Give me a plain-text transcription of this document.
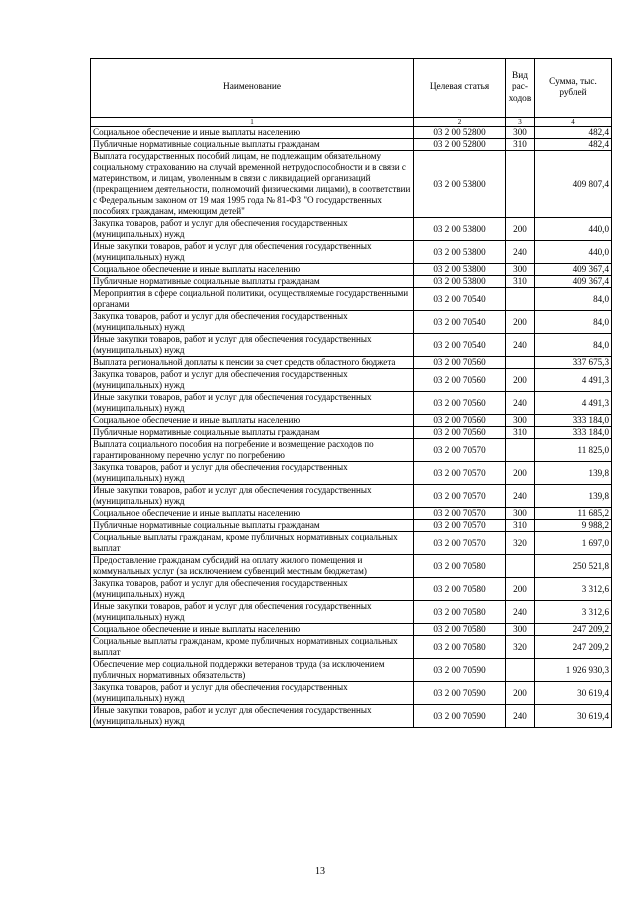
Наименование	Целевая статья	Вид рас-ходов	Сумма, тыс. рублей
1	2	3	4
Социальное обеспечение и иные выплаты населению	03 2 00 52800	300	482,4
Публичные нормативные социальные выплаты гражданам	03 2 00 52800	310	482,4
Выплата государственных пособий лицам, не подлежащим обязательному социальному страхованию на случай временной нетрудоспособности и в связи с материнством, и лицам, уволенным в связи с ликвидацией организаций (прекращением деятельности, полномочий физическими лицами), в соответствии с Федеральным законом от 19 мая 1995 года № 81-ФЗ "О государственных пособиях гражданам, имеющим детей"	03 2 00 53800		409 807,4
Закупка товаров, работ и услуг для обеспечения государственных (муниципальных) нужд	03 2 00 53800	200	440,0
Иные закупки товаров, работ и услуг для обеспечения государственных (муниципальных) нужд	03 2 00 53800	240	440,0
Социальное обеспечение и иные выплаты населению	03 2 00 53800	300	409 367,4
Публичные нормативные социальные выплаты гражданам	03 2 00 53800	310	409 367,4
Мероприятия в сфере социальной политики, осуществляемые государственными органами	03 2 00 70540		84,0
Закупка товаров, работ и услуг для обеспечения государственных (муниципальных) нужд	03 2 00 70540	200	84,0
Иные закупки товаров, работ и услуг для обеспечения государственных (муниципальных) нужд	03 2 00 70540	240	84,0
Выплата региональной доплаты к пенсии за счет средств областного бюджета	03 2 00 70560		337 675,3
Закупка товаров, работ и услуг для обеспечения государственных (муниципальных) нужд	03 2 00 70560	200	4 491,3
Иные закупки товаров, работ и услуг для обеспечения государственных (муниципальных) нужд	03 2 00 70560	240	4 491,3
Социальное обеспечение и иные выплаты населению	03 2 00 70560	300	333 184,0
Публичные нормативные социальные выплаты гражданам	03 2 00 70560	310	333 184,0
Выплата социального пособия на погребение и возмещение расходов по гарантированному перечню услуг по погребению	03 2 00 70570		11 825,0
Закупка товаров, работ и услуг для обеспечения государственных (муниципальных) нужд	03 2 00 70570	200	139,8
Иные закупки товаров, работ и услуг для обеспечения государственных (муниципальных) нужд	03 2 00 70570	240	139,8
Социальное обеспечение и иные выплаты населению	03 2 00 70570	300	11 685,2
Публичные нормативные социальные выплаты гражданам	03 2 00 70570	310	9 988,2
Социальные выплаты гражданам, кроме публичных нормативных социальных выплат	03 2 00 70570	320	1 697,0
Предоставление гражданам субсидий на оплату жилого помещения и коммунальных услуг (за исключением субвенций местным бюджетам)	03 2 00 70580		250 521,8
Закупка товаров, работ и услуг для обеспечения государственных (муниципальных) нужд	03 2 00 70580	200	3 312,6
Иные закупки товаров, работ и услуг для обеспечения государственных (муниципальных) нужд	03 2 00 70580	240	3 312,6
Социальное обеспечение и иные выплаты населению	03 2 00 70580	300	247 209,2
Социальные выплаты гражданам, кроме публичных нормативных социальных выплат	03 2 00 70580	320	247 209,2
Обеспечение мер социальной поддержки ветеранов труда (за исключением публичных нормативных обязательств)	03 2 00 70590		1 926 930,3
Закупка товаров, работ и услуг для обеспечения государственных (муниципальных) нужд	03 2 00 70590	200	30 619,4
Иные закупки товаров, работ и услуг для обеспечения государственных (муниципальных) нужд	03 2 00 70590	240	30 619,4
13
